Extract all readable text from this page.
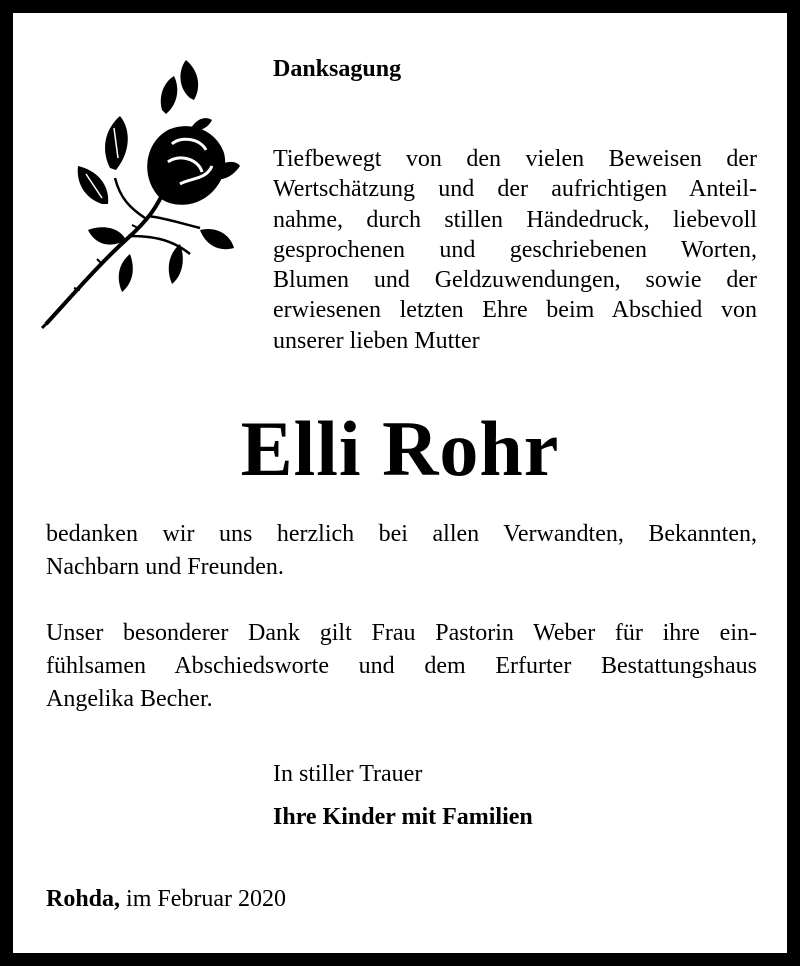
Danksagung
Tiefbewegt von den vielen Beweisen der
Wertschätzung und der aufrichtigen Anteil-
nahme, durch stillen Händedruck, liebevoll
gesprochenen und geschriebenen Worten,
Blumen und Geldzuwendungen, sowie der
erwiesenen letzten Ehre beim Abschied von
unserer lieben Mutter
Elli Rohr
bedanken wir uns herzlich bei allen Verwandten, Bekannten,
Nachbarn und Freunden.
Unser besonderer Dank gilt Frau Pastorin Weber für ihre ein-
fühlsamen Abschiedsworte und dem Erfurter Bestattungshaus
Angelika Becher.
In stiller Trauer
Ihre Kinder mit Familien
Rohda, im Februar 2020
